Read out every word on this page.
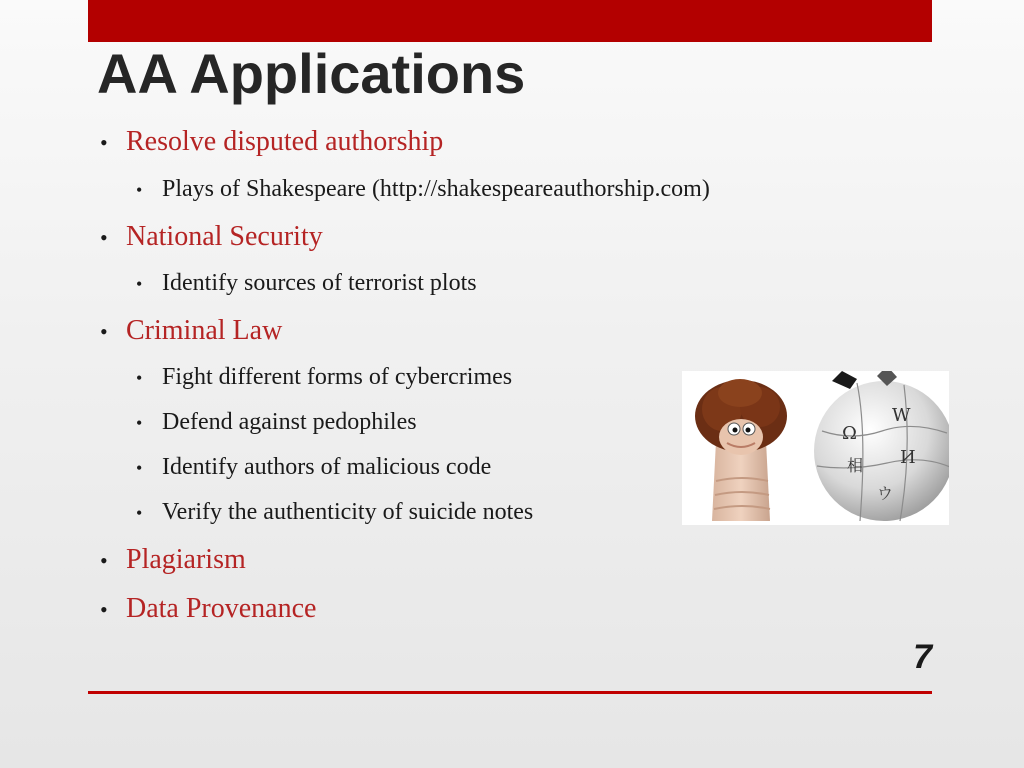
AA Applications
• Resolve disputed authorship
• Plays of Shakespeare (http://shakespeareauthorship.com)
• National Security
• Identify sources of terrorist plots
• Criminal Law
• Fight different forms of cybercrimes
• Defend against pedophiles
• Identify authors of malicious code
• Verify the authenticity of suicide notes
• Plagiarism
• Data Provenance
W
Ω
И
相
ウ
7
